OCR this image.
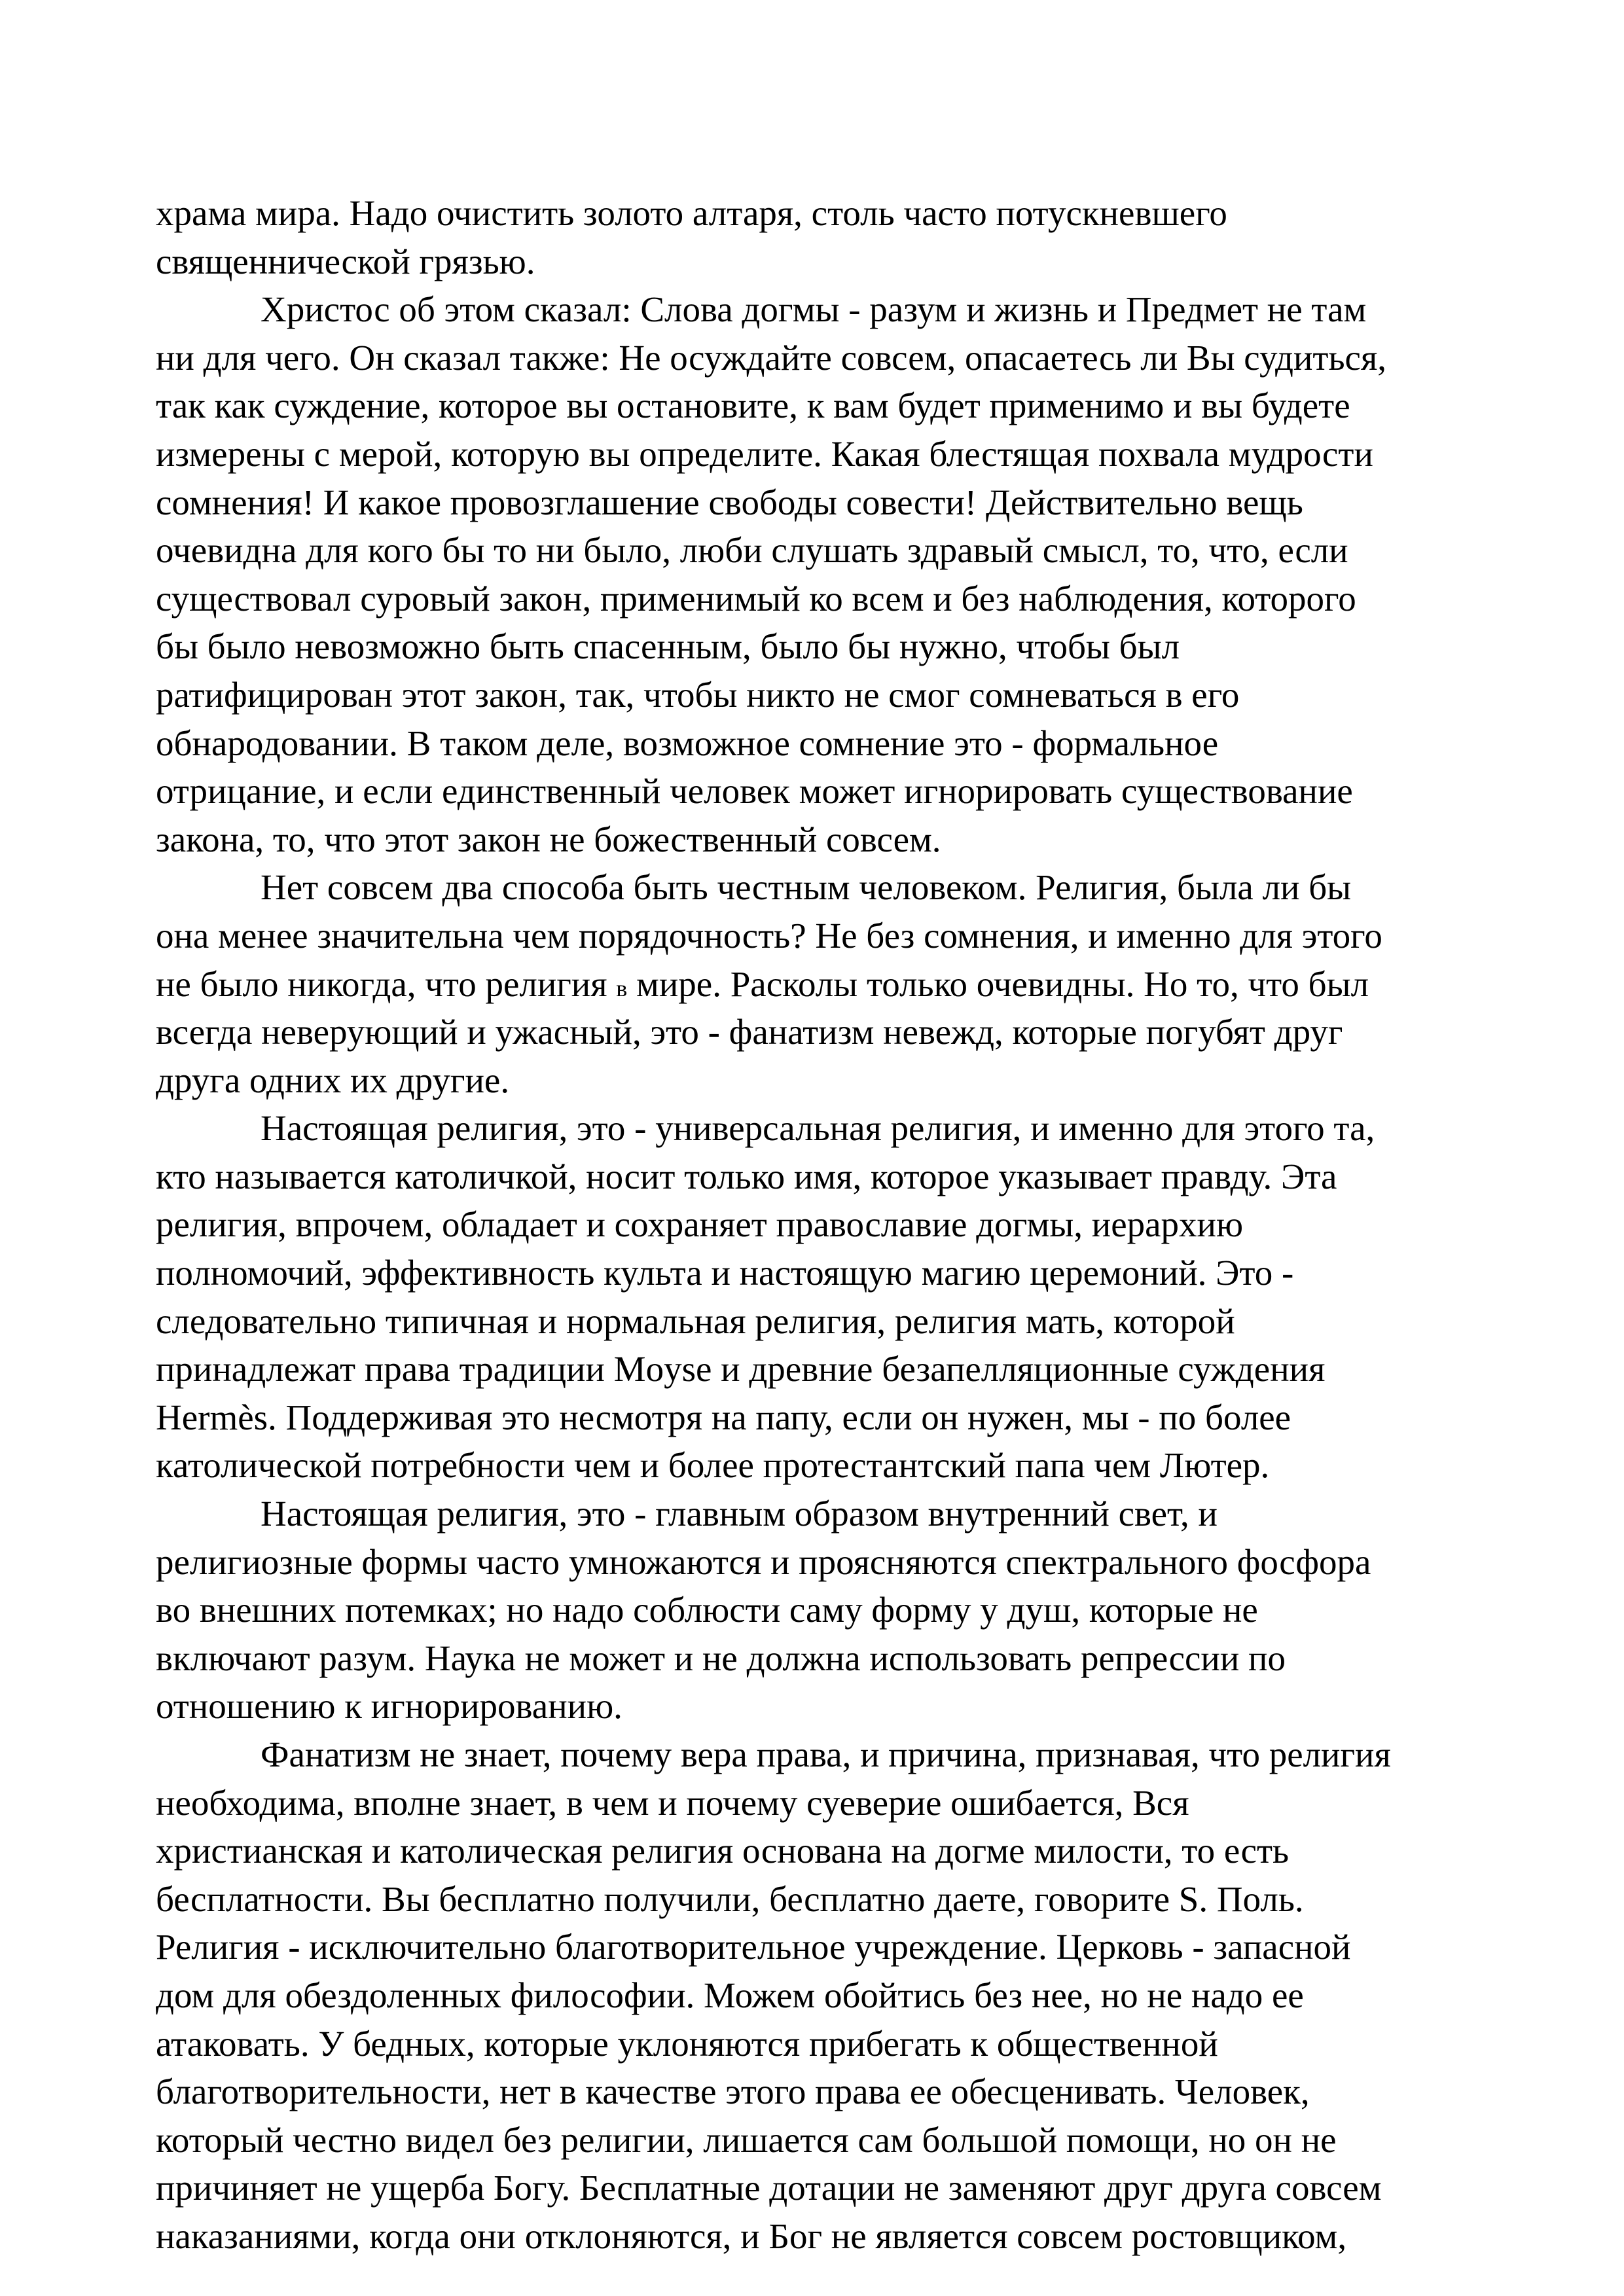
храма мира. Надо очистить золото алтаря, столь часто потускневшего
священнической грязью.
Христос об этом сказал: Слова догмы - разум и жизнь и Предмет не там
ни для чего. Он сказал также: Не осуждайте совсем, опасаетесь ли Вы судиться,
так как суждение, которое вы остановите, к вам будет применимо и вы будете
измерены с мерой, которую вы определите. Какая блестящая похвала мудрости
сомнения! И какое провозглашение свободы совести! Действительно вещь
очевидна для кого бы то ни было, люби слушать здравый смысл, то, что, если
существовал суровый закон, применимый ко всем и без наблюдения, которого
бы было невозможно быть спасенным, было бы нужно, чтобы был
ратифицирован этот закон, так, чтобы никто не смог сомневаться в его
обнародовании. В таком деле, возможное сомнение это - формальное
отрицание, и если единственный человек может игнорировать существование
закона, то, что этот закон не божественный совсем.
Нет совсем два способа быть честным человеком. Религия, была ли бы
она менее значительна чем порядочность? Не без сомнения, и именно для этого
не было никогда, что религия в мире. Расколы только очевидны. Но то, что был
всегда неверующий и ужасный, это - фанатизм невежд, которые погубят друг
друга одних их другие.
Настоящая религия, это - универсальная религия, и именно для этого та,
кто называется католичкой, носит только имя, которое указывает правду. Эта
религия, впрочем, обладает и сохраняет православие догмы, иерархию
полномочий, эффективность культа и настоящую магию церемоний. Это -
следовательно типичная и нормальная религия, религия мать, которой
принадлежат права традиции Moyse и древние безапелляционные суждения
Hermès. Поддерживая это несмотря на папу, если он нужен, мы - по более
католической потребности чем и более протестантский папа чем Лютер.
Настоящая религия, это - главным образом внутренний свет, и
религиозные формы часто умножаются и проясняются спектрального фосфора
во внешних потемках; но надо соблюсти саму форму у душ, которые не
включают разум. Наука не может и не должна использовать репрессии по
отношению к игнорированию.
Фанатизм не знает, почему вера права, и причина, признавая, что религия
необходима, вполне знает, в чем и почему суеверие ошибается, Вся
христианская и католическая религия основана на догме милости, то есть
бесплатности. Вы бесплатно получили, бесплатно даете, говорите S. Поль.
Религия - исключительно благотворительное учреждение. Церковь - запасной
дом для обездоленных философии. Можем обойтись без нее, но не надо ее
атаковать. У бедных, которые уклоняются прибегать к общественной
благотворительности, нет в качестве этого права ее обесценивать. Человек,
который честно видел без религии, лишается сам большой помощи, но он не
причиняет не ущерба Богу. Бесплатные дотации не заменяют друг друга совсем
наказаниями, когда они отклоняются, и Бог не является совсем ростовщиком,
